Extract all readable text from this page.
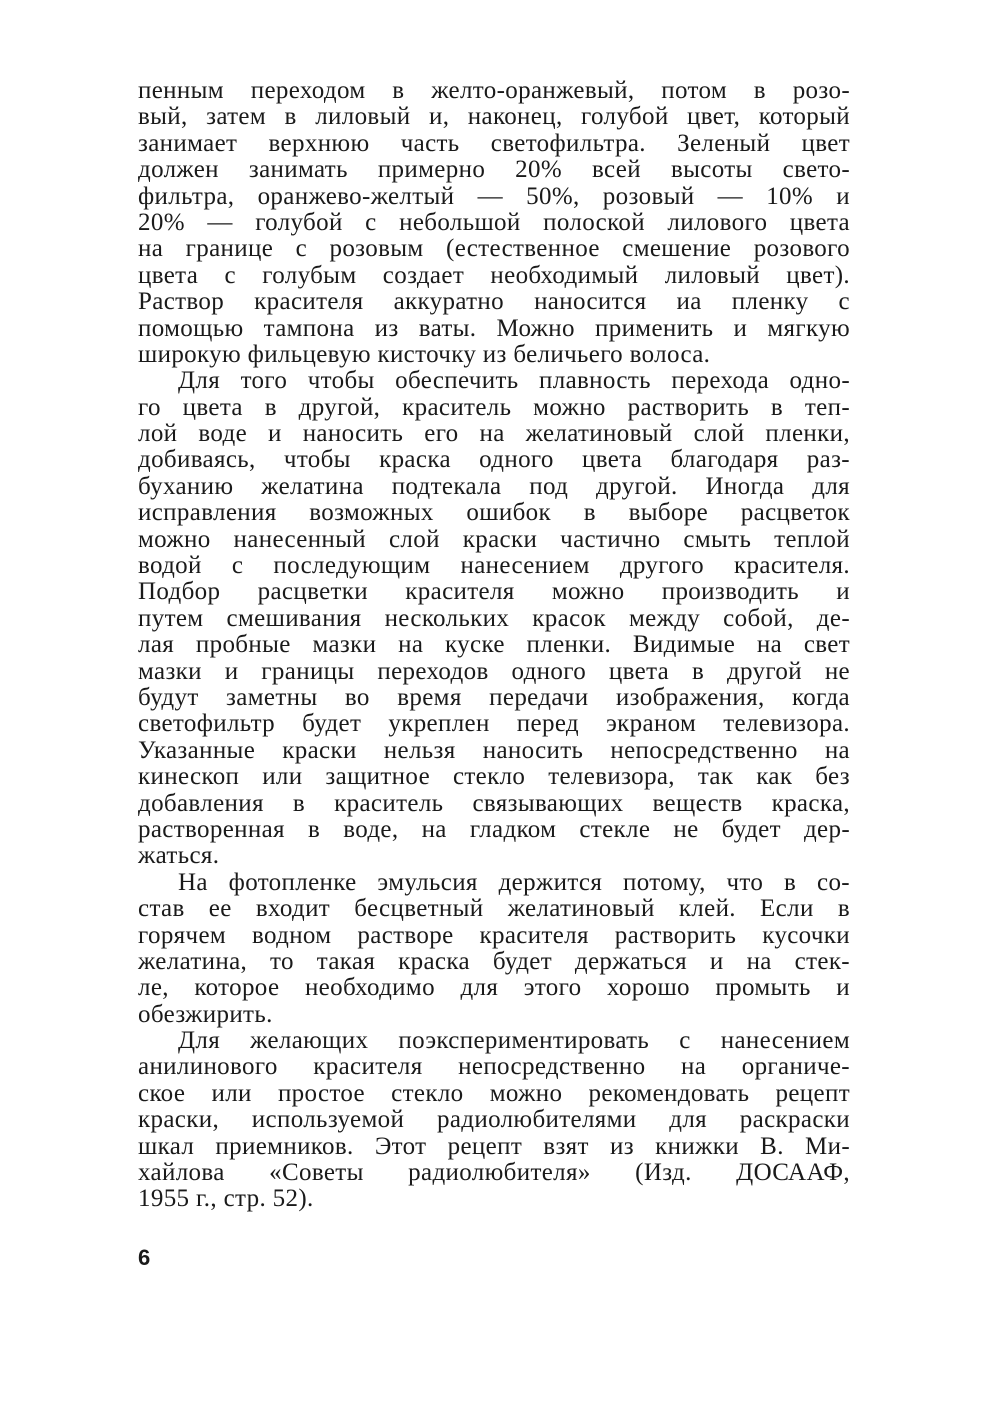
пенным переходом в желто-оранжевый, потом в розо-
вый, затем в лиловый и, наконец, голубой цвет, который
занимает верхнюю часть светофильтра. Зеленый цвет
должен занимать примерно 20% всей высоты свето-
фильтра, оранжево-желтый — 50%, розовый — 10% и
20% — голубой с небольшой полоской лилового цвета
на границе с розовым (естественное смешение розового
цвета с голубым создает необходимый лиловый цвет).
Раствор красителя аккуратно наносится иа пленку с
помощью тампона из ваты. Можно применить и мягкую
широкую фильцевую кисточку из беличьего волоса.
Для того чтобы обеспечить плавность перехода одно-
го цвета в другой, краситель можно растворить в теп-
лой воде и наносить его на желатиновый слой пленки,
добиваясь, чтобы краска одного цвета благодаря раз-
буханию желатина подтекала под другой. Иногда для
исправления возможных ошибок в выборе расцветок
можно нанесенный слой краски частично смыть теплой
водой с последующим нанесением другого красителя.
Подбор расцветки красителя можно производить и
путем смешивания нескольких красок между собой, де-
лая пробные мазки на куске пленки. Видимые на свет
мазки и границы переходов одного цвета в другой не
будут заметны во время передачи изображения, когда
светофильтр будет укреплен перед экраном телевизора.
Указанные краски нельзя наносить непосредственно на
кинескоп или защитное стекло телевизора, так как без
добавления в краситель связывающих веществ краска,
растворенная в воде, на гладком стекле не будет дер-
жаться.
На фотопленке эмульсия держится потому, что в со-
став ее входит бесцветный желатиновый клей. Если в
горячем водном растворе красителя растворить кусочки
желатина, то такая краска будет держаться и на стек-
ле, которое необходимо для этого хорошо промыть и
обезжирить.
Для желающих поэкспериментировать с нанесением
анилинового красителя непосредственно на органиче-
ское или простое стекло можно рекомендовать рецепт
краски, используемой радиолюбителями для раскраски
шкал приемников. Этот рецепт взят из книжки В. Ми-
хайлова «Советы радиолюбителя» (Изд. ДОСААФ,
1955 г., стр. 52).
6
